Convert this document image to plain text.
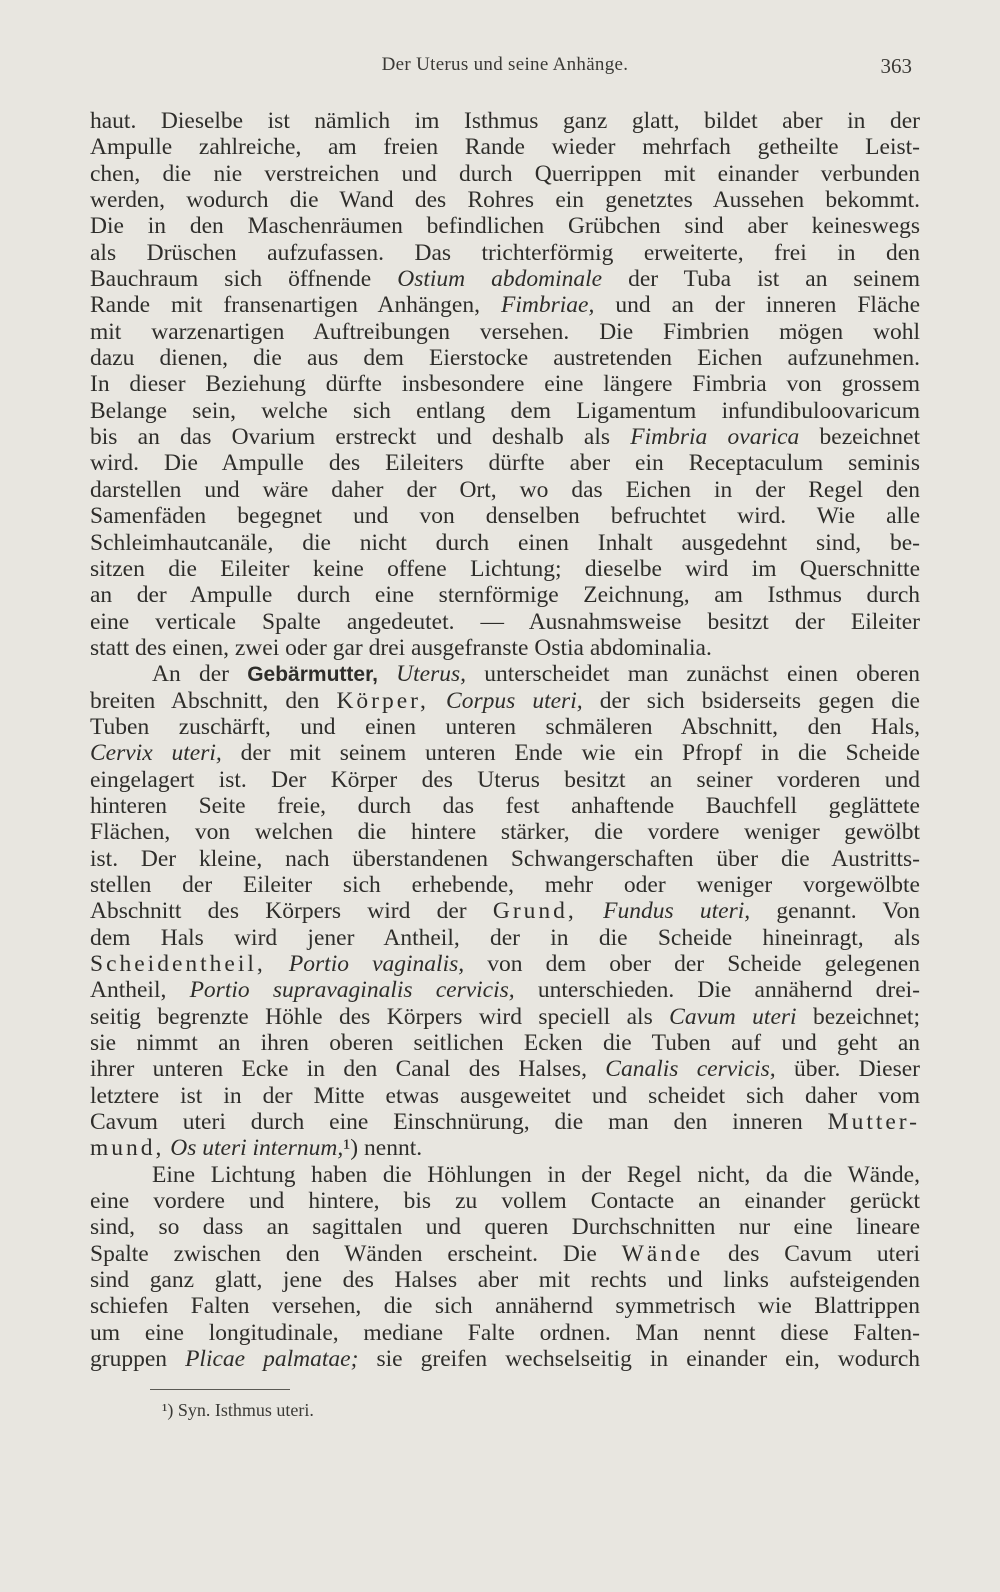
Der Uterus und seine Anhänge.	363
haut. Dieselbe ist nämlich im Isthmus ganz glatt, bildet aber in der
Ampulle zahlreiche, am freien Rande wieder mehrfach getheilte Leist-
chen, die nie verstreichen und durch Querrippen mit einander verbunden
werden, wodurch die Wand des Rohres ein genetztes Aussehen bekommt.
Die in den Maschenräumen befindlichen Grübchen sind aber keineswegs
als Drüschen aufzufassen. Das trichterförmig erweiterte, frei in den
Bauchraum sich öffnende Ostium abdominale der Tuba ist an seinem
Rande mit fransenartigen Anhängen, Fimbriae, und an der inneren Fläche
mit warzenartigen Auftreibungen versehen. Die Fimbrien mögen wohl
dazu dienen, die aus dem Eierstocke austretenden Eichen aufzunehmen.
In dieser Beziehung dürfte insbesondere eine längere Fimbria von grossem
Belange sein, welche sich entlang dem Ligamentum infundibuloovaricum
bis an das Ovarium erstreckt und deshalb als Fimbria ovarica bezeichnet
wird. Die Ampulle des Eileiters dürfte aber ein Receptaculum seminis
darstellen und wäre daher der Ort, wo das Eichen in der Regel den
Samenfäden begegnet und von denselben befruchtet wird. Wie alle
Schleimhautcanäle, die nicht durch einen Inhalt ausgedehnt sind, be-
sitzen die Eileiter keine offene Lichtung; dieselbe wird im Querschnitte
an der Ampulle durch eine sternförmige Zeichnung, am Isthmus durch
eine verticale Spalte angedeutet. — Ausnahmsweise besitzt der Eileiter
statt des einen, zwei oder gar drei ausgefranste Ostia abdominalia.
An der Gebärmutter, Uterus, unterscheidet man zunächst einen oberen
breiten Abschnitt, den Körper, Corpus uteri, der sich bsiderseits gegen die
Tuben zuschärft, und einen unteren schmäleren Abschnitt, den Hals,
Cervix uteri, der mit seinem unteren Ende wie ein Pfropf in die Scheide
eingelagert ist. Der Körper des Uterus besitzt an seiner vorderen und
hinteren Seite freie, durch das fest anhaftende Bauchfell geglättete
Flächen, von welchen die hintere stärker, die vordere weniger gewölbt
ist. Der kleine, nach überstandenen Schwangerschaften über die Austritts-
stellen der Eileiter sich erhebende, mehr oder weniger vorgewölbte
Abschnitt des Körpers wird der Grund, Fundus uteri, genannt. Von
dem Hals wird jener Antheil, der in die Scheide hineinragt, als
Scheidentheil, Portio vaginalis, von dem ober der Scheide gelegenen
Antheil, Portio supravaginalis cervicis, unterschieden. Die annähernd drei-
seitig begrenzte Höhle des Körpers wird speciell als Cavum uteri bezeichnet;
sie nimmt an ihren oberen seitlichen Ecken die Tuben auf und geht an
ihrer unteren Ecke in den Canal des Halses, Canalis cervicis, über. Dieser
letztere ist in der Mitte etwas ausgeweitet und scheidet sich daher vom
Cavum uteri durch eine Einschnürung, die man den inneren Mutter-
mund, Os uteri internum,¹) nennt.
Eine Lichtung haben die Höhlungen in der Regel nicht, da die Wände,
eine vordere und hintere, bis zu vollem Contacte an einander gerückt
sind, so dass an sagittalen und queren Durchschnitten nur eine lineare
Spalte zwischen den Wänden erscheint. Die Wände des Cavum uteri
sind ganz glatt, jene des Halses aber mit rechts und links aufsteigenden
schiefen Falten versehen, die sich annähernd symmetrisch wie Blattrippen
um eine longitudinale, mediane Falte ordnen. Man nennt diese Falten-
gruppen Plicae palmatae; sie greifen wechselseitig in einander ein, wodurch
¹) Syn. Isthmus uteri.
